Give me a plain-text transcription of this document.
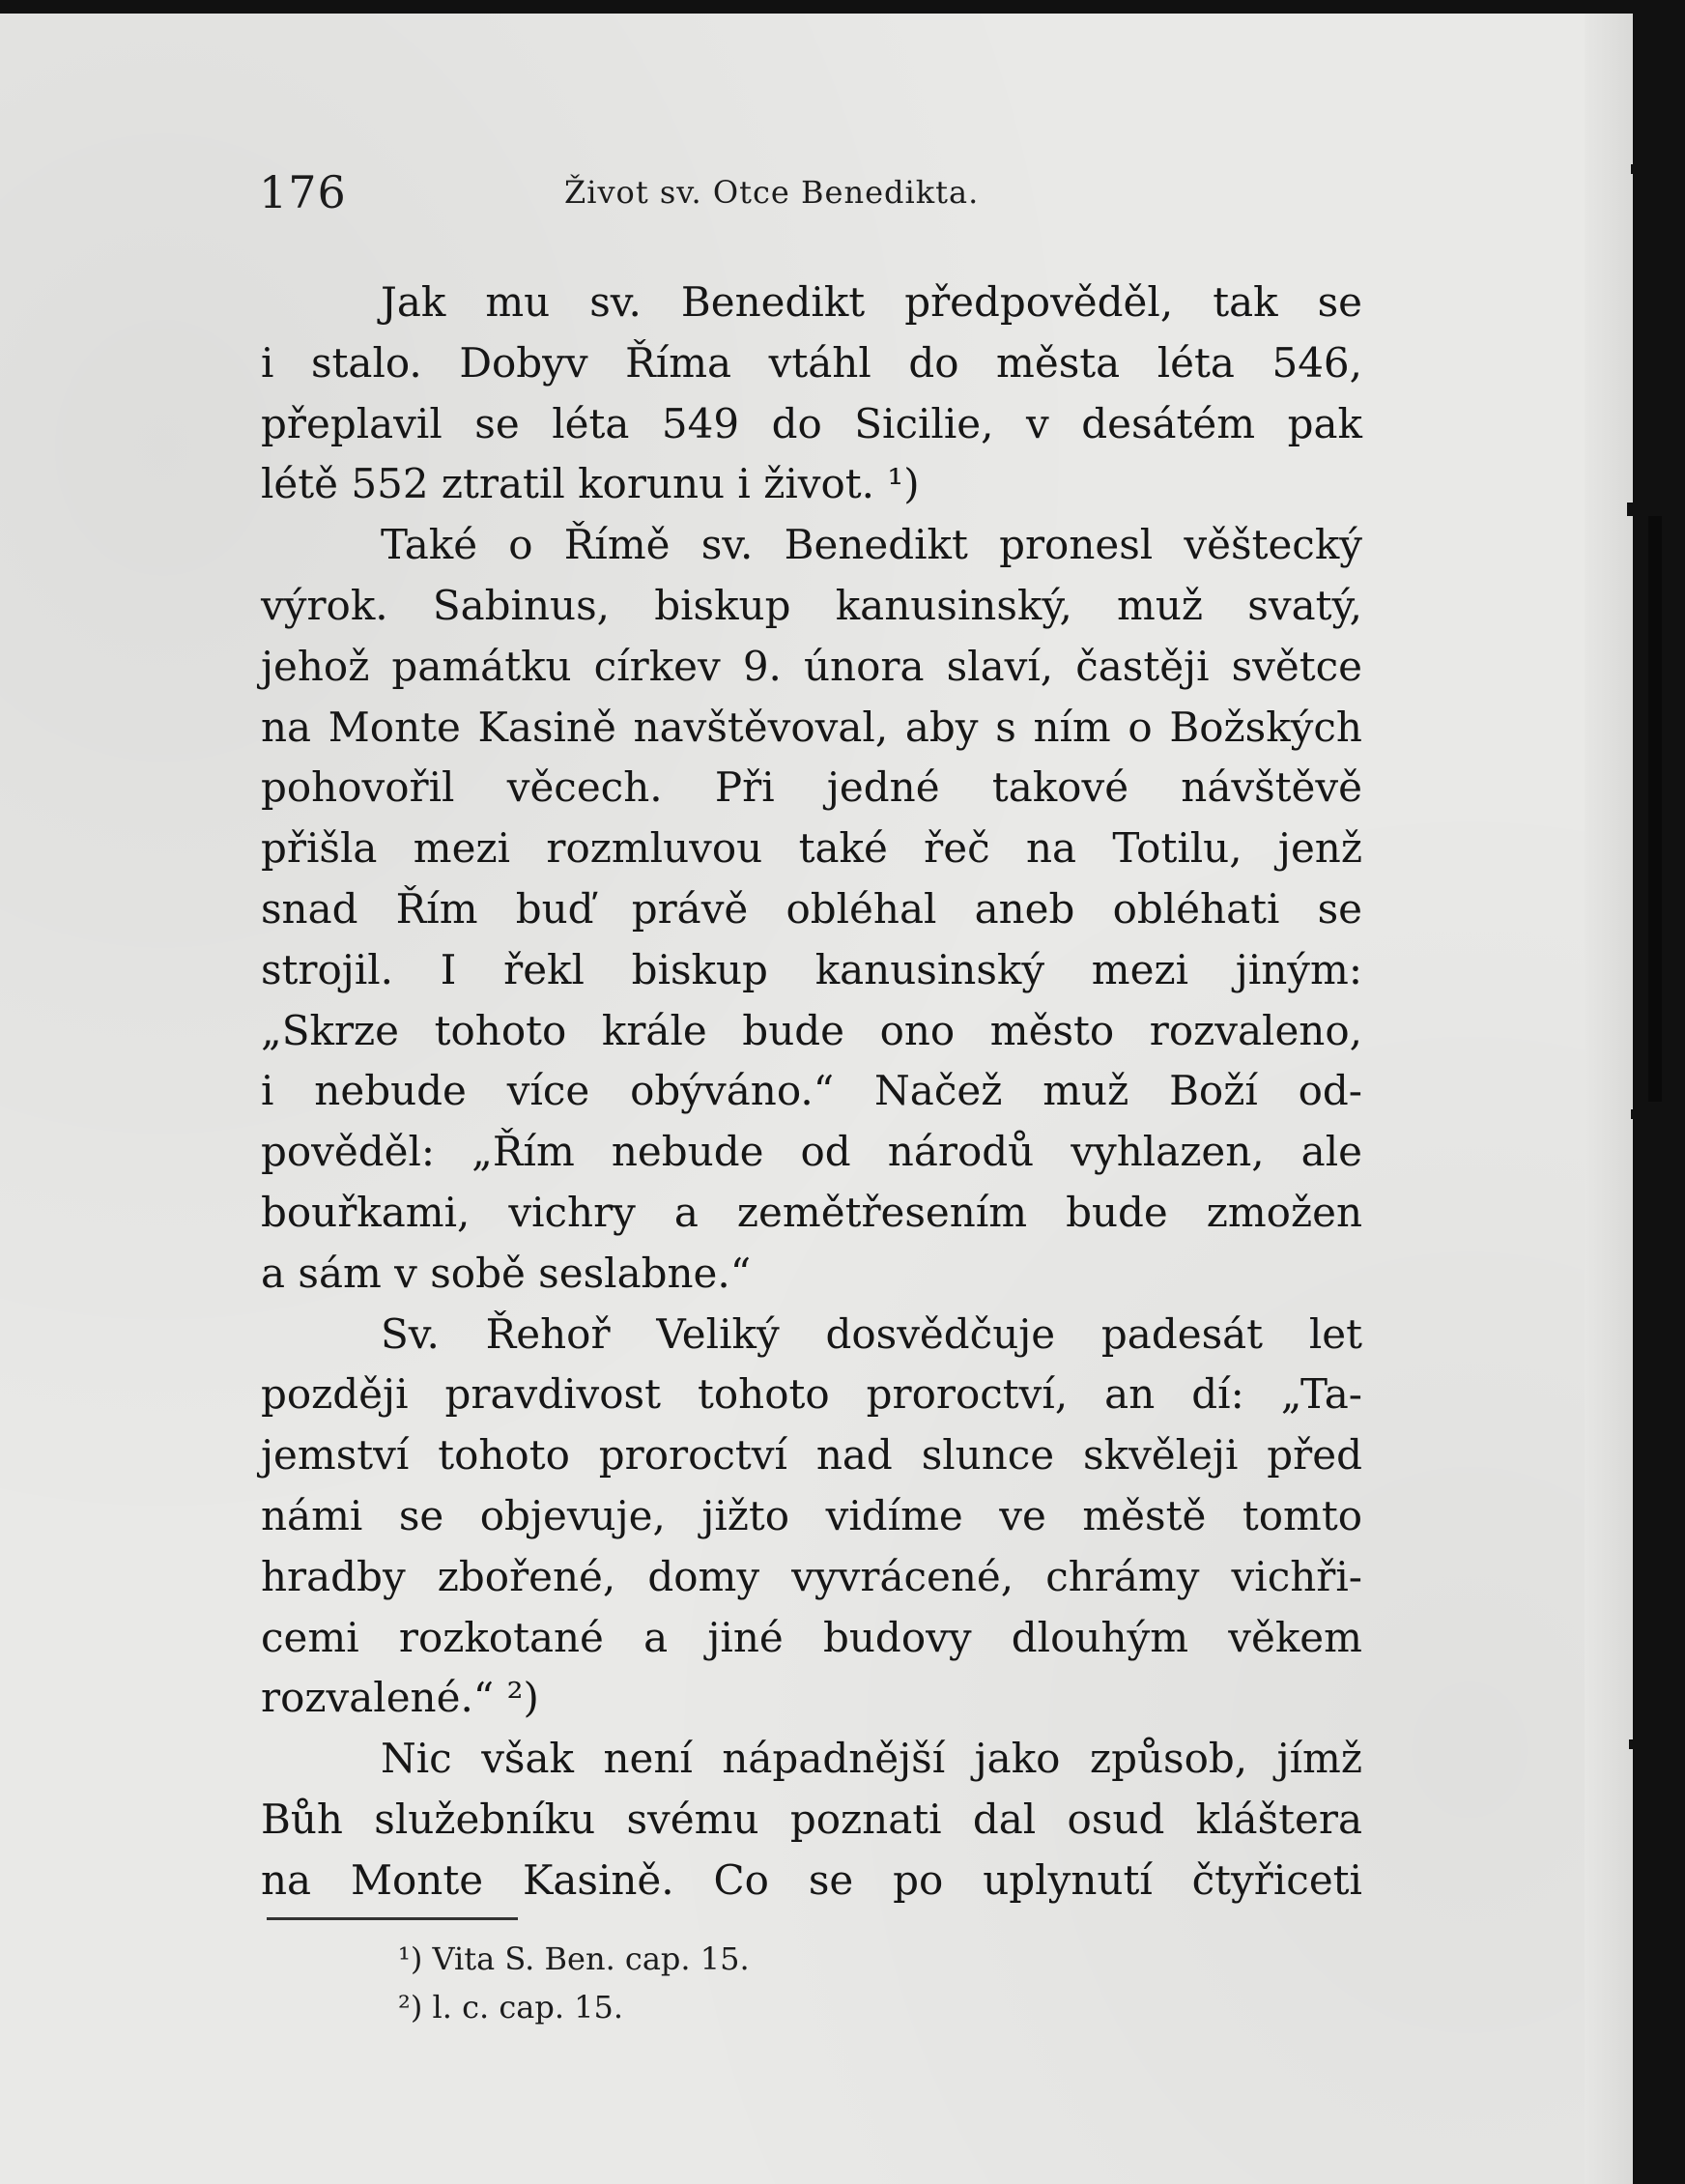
176	Život sv. Otce Benedikta.
Jak mu sv. Benedikt předpověděl, tak se
i stalo. Dobyv Říma vtáhl do města léta 546,
přeplavil se léta 549 do Sicilie, v desátém pak
létě 552 ztratil korunu i život. ¹)
Také o Římě sv. Benedikt pronesl věštecký
výrok. Sabinus, biskup kanusinský, muž svatý,
jehož památku církev 9. února slaví, častěji světce
na Monte Kasině navštěvoval, aby s ním o Božských
pohovořil věcech. Při jedné takové návštěvě
přišla mezi rozmluvou také řeč na Totilu, jenž
snad Řím buď právě obléhal aneb obléhati se
strojil. I řekl biskup kanusinský mezi jiným:
„Skrze tohoto krále bude ono město rozvaleno,
i nebude více obýváno.“ Načež muž Boží od-
pověděl: „Řím nebude od národů vyhlazen, ale
bouřkami, vichry a zemětřesením bude zmožen
a sám v sobě seslabne.“
Sv. Řehoř Veliký dosvědčuje padesát let
později pravdivost tohoto proroctví, an dí: „Ta-
jemství tohoto proroctví nad slunce skvěleji před
námi se objevuje, jižto vidíme ve městě tomto
hradby zbořené, domy vyvrácené, chrámy vichři-
cemi rozkotané a jiné budovy dlouhým věkem
rozvalené.“ ²)
Nic však není nápadnější jako způsob, jímž
Bůh služebníku svému poznati dal osud kláštera
na Monte Kasině. Co se po uplynutí čtyřiceti
¹) Vita S. Ben. cap. 15.
²) l. c. cap. 15.
